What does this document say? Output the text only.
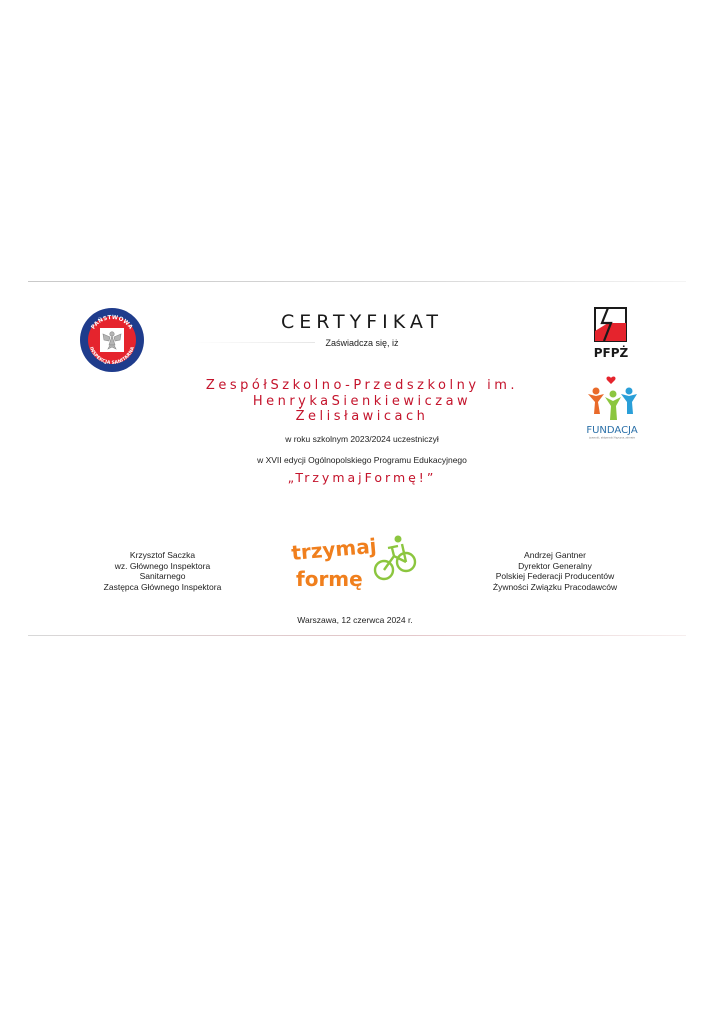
PAŃSTWOWA
INSPEKCJA SANITARNA
CERTYFIKAT
Zaświadcza się, iż
PFPŻ
FUNDACJA
żywność, aktywność fizyczna, zdrowie
ZespółSzkolno-Przedszkolny im.
HenrykaSienkiewiczaw
Żelisławicach
w roku szkolnym 2023/2024 uczestniczył
w XVII edycji Ogólnopolskiego Programu Edukacyjnego
„TrzymajFormę!”
Krzysztof Saczka
wz. Głównego Inspektora
Sanitarnego
Zastępca Głównego Inspektora
trzymaj
formę
Andrzej Gantner
Dyrektor Generalny
Polskiej Federacji Producentów
Żywności Związku Pracodawców
Warszawa, 12 czerwca 2024 r.
